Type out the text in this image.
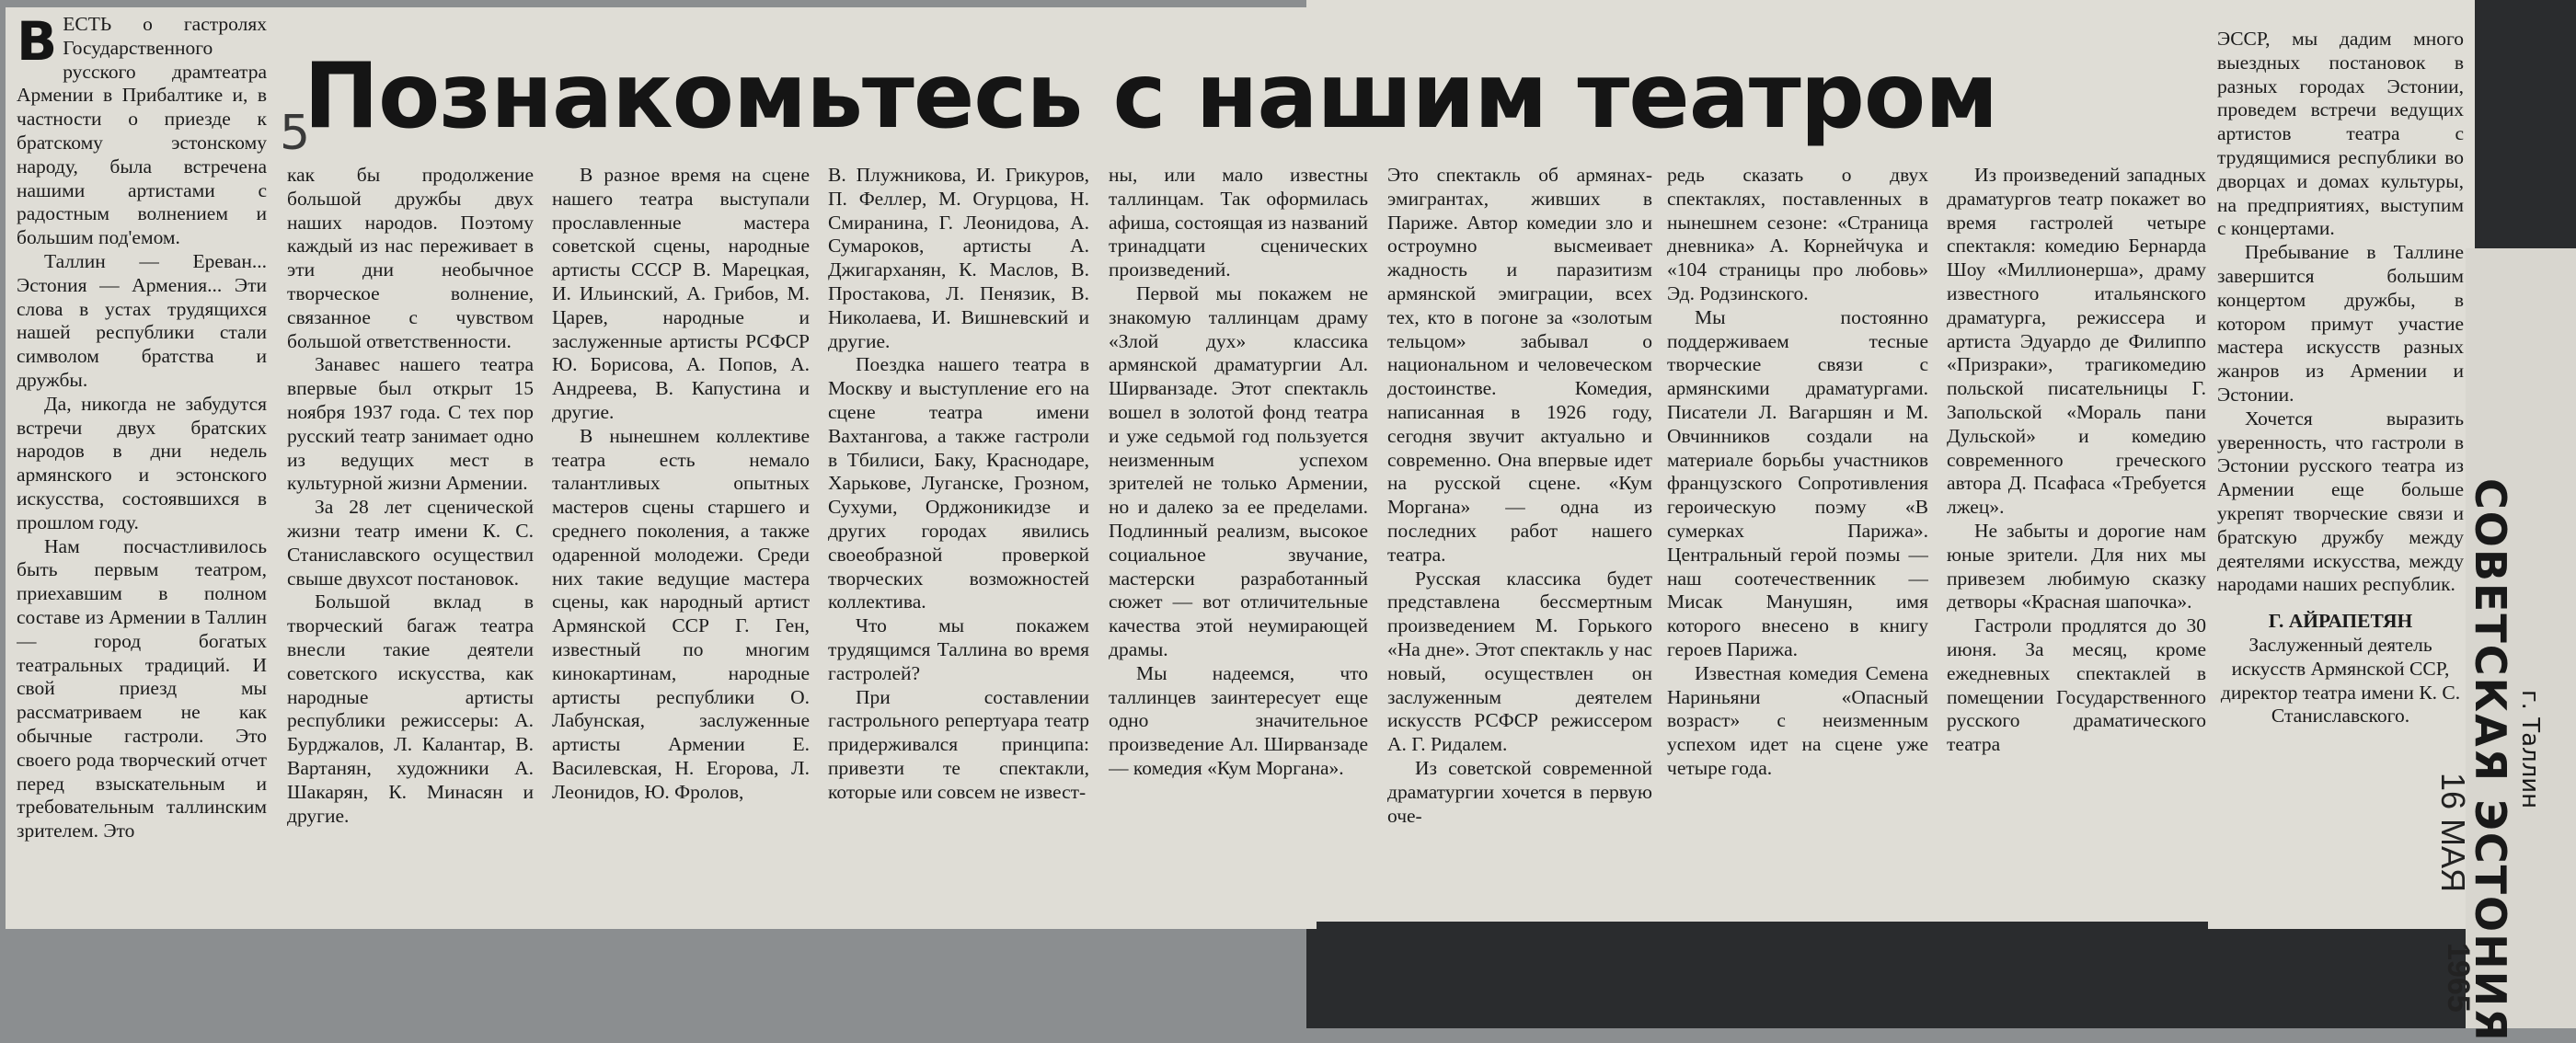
Познакомьтесь с нашим театром
5
В ЕСТЬ о гастролях Государственного русского драмтеатра Армении в Прибалтике и, в частности о приезде к братскому эстонскому народу, была встречена нашими артистами с радостным волнением и большим под'емом.

Таллин — Ереван... Эстония — Армения... Эти слова в устах трудящихся нашей республики стали символом братства и дружбы.

Да, никогда не забудутся встречи двух братских народов в дни недель армянского и эстонского искусства, состоявшихся в прошлом году.

Нам посчастливилось быть первым театром, приехавшим в полном составе из Армении в Таллин — город богатых театральных традиций. И свой приезд мы рассматриваем не как обычные гастроли. Это своего рода творческий отчет перед взыскательным и требовательным таллинским зрителем. Это

как бы продолжение большой дружбы двух наших народов. Поэтому каждый из нас переживает в эти дни необычное творческое волнение, связанное с чувством большой ответственности.

Занавес нашего театра впервые был открыт 15 ноября 1937 года. С тех пор русский театр занимает одно из ведущих мест в культурной жизни Армении.

За 28 лет сценической жизни театр имени К. С. Станиславского осуществил свыше двухсот постановок.

Большой вклад в творческий багаж театра внесли такие деятели советского искусства, как народные артисты республики режиссеры: А. Бурджалов, Л. Калантар, В. Вартанян, художники А. Шакарян, К. Минасян и другие.

В разное время на сцене нашего театра выступали прославленные мастера советской сцены, народные артисты СССР В. Марецкая, И. Ильинский, А. Грибов, М. Царев, народные и заслуженные артисты РСФСР Ю. Борисова, А. Попов, А. Андреева, В. Капустина и другие.

В нынешнем коллективе театра есть немало талантливых опытных мастеров сцены старшего и среднего поколения, а также одаренной молодежи. Среди них такие ведущие мастера сцены, как народный артист Армянской ССР Г. Ген, известный по многим кинокартинам, народные артисты республики О. Лабунская, заслуженные артисты Армении Е. Василевская, Н. Егорова, Л. Леонидов, Ю. Фролов,

В. Плужникова, И. Грикуров, П. Феллер, М. Огурцова, Н. Смиранина, Г. Леонидова, А. Сумароков, артисты А. Джигарханян, К. Маслов, В. Простакова, Л. Пенязик, В. Николаева, И. Вишневский и другие.

Поездка нашего театра в Москву и выступление его на сцене театра имени Вахтангова, а также гастроли в Тбилиси, Баку, Краснодаре, Харькове, Луганске, Грозном, Сухуми, Орджоникидзе и других городах явились своеобразной проверкой творческих возможностей коллектива.

Что мы покажем трудящимся Таллина во время гастролей?

При составлении гастрольного репертуара театр придерживался принципа: привезти те спектакли, которые или совсем не извест-

ны, или мало известны таллинцам. Так оформилась афиша, состоящая из названий тринадцати сценических произведений.

Первой мы покажем не знакомую таллинцам драму «Злой дух» классика армянской драматургии Ал. Ширванзаде. Этот спектакль вошел в золотой фонд театра и уже седьмой год пользуется неизменным успехом зрителей не только Армении, но и далеко за ее пределами. Подлинный реализм, высокое социальное звучание, мастерски разработанный сюжет — вот отличительные качества этой неумирающей драмы.

Мы надеемся, что таллинцев заинтересует еще одно значительное произведение Ал. Ширванзаде — комедия «Кум Моргана».

Это спектакль об армянах-эмигрантах, живших в Париже. Автор комедии зло и остроумно высмеивает жадность и паразитизм армянской эмиграции, всех тех, кто в погоне за «золотым тельцом» забывал о национальном и человеческом достоинстве. Комедия, написанная в 1926 году, сегодня звучит актуально и современно. Она впервые идет на русской сцене. «Кум Моргана» — одна из последних работ нашего театра.

Русская классика будет представлена бессмертным произведением М. Горького «На дне». Этот спектакль у нас новый, осуществлен он заслуженным деятелем искусств РСФСР режиссером А. Г. Ридалем.

Из советской современной драматургии хочется в первую оче-

редь сказать о двух спектаклях, поставленных в нынешнем сезоне: «Страница дневника» А. Корнейчука и «104 страницы про любовь» Эд. Родзинского.

Мы постоянно поддерживаем тесные творческие связи с армянскими драматургами. Писатели Л. Вагаршян и М. Овчинников создали на материале борьбы участников французского Сопротивления героическую поэму «В сумерках Парижа». Центральный герой поэмы — наш соотечественник — Мисак Манушян, имя которого внесено в книгу героев Парижа.

Известная комедия Семена Нариньяни «Опасный возраст» с неизменным успехом идет на сцене уже четыре года.

Из произведений западных драматургов театр покажет во время гастролей четыре спектакля: комедию Бернарда Шоу «Миллионерша», драму известного итальянского драматурга, режиссера и артиста Эдуардо де Филиппо «Призраки», трагикомедию польской писательницы Г. Запольской «Мораль пани Дульской» и комедию современного греческого автора Д. Псафаса «Требуется лжец».

Не забыты и дорогие нам юные зрители. Для них мы привезем любимую сказку детворы «Красная шапочка».

Гастроли продлятся до 30 июня. За месяц, кроме ежедневных спектаклей в помещении Государственного русского драматического театра

ЭССР, мы дадим много выездных постановок в разных городах Эстонии, проведем встречи ведущих артистов театра с трудящимися республики во дворцах и домах культуры, на предприятиях, выступим с концертами.

Пребывание в Таллине завершится большим концертом дружбы, в котором примут участие мастера искусств разных жанров из Армении и Эстонии.

Хочется выразить уверенность, что гастроли в Эстонии русского театра из Армении еще больше укрепят творческие связи и братскую дружбу между деятелями искусства, между народами наших республик.

Г. АЙРАПЕТЯН

Заслуженный деятель искусств Армянской ССР, директор театра имени К. С. Станиславского.	СОВЕТСКАЯ ЭСТОНИЯ г. Таллин
16 МАЯ
1965
